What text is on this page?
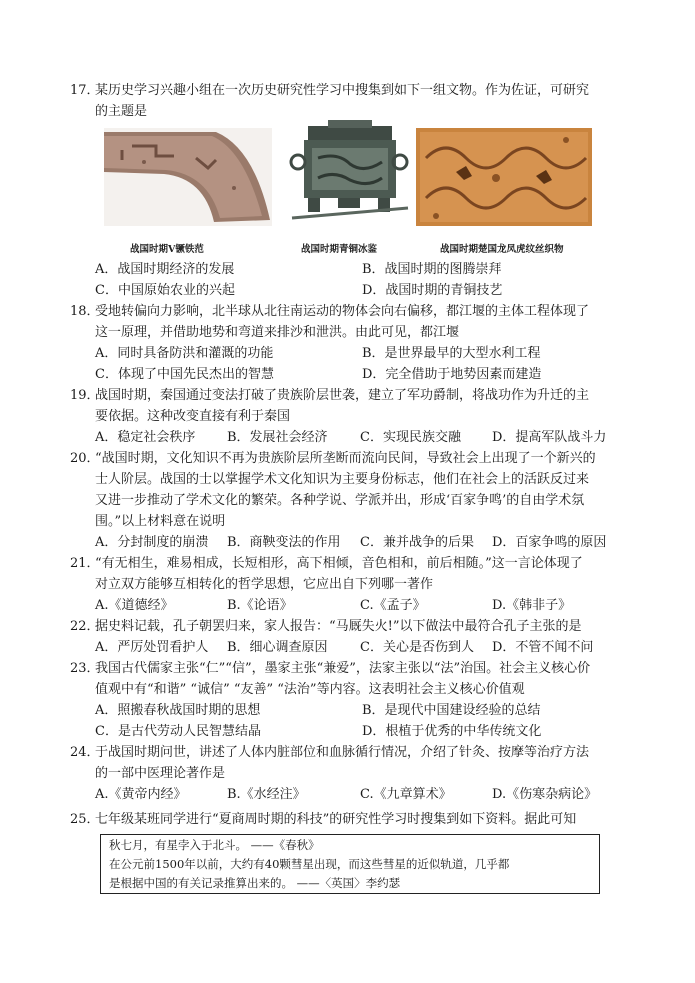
17．
某历史学习兴趣小组在一次历史研究性学习中搜集到如下一组文物。作为佐证，可研究
的主题是
战国时期V镢铁范	战国时期青铜冰鉴	战国时期楚国龙凤虎纹丝织物
A．战国时期经济的发展	B．战国时期的图腾崇拜
C．中国原始农业的兴起	D．战国时期的青铜技艺
18．
受地转偏向力影响，北半球从北往南运动的物体会向右偏移，都江堰的主体工程体现了
这一原理，并借助地势和弯道来排沙和泄洪。由此可见，都江堰
A．同时具备防洪和灌溉的功能	B．是世界最早的大型水利工程
C．体现了中国先民杰出的智慧	D．完全借助于地势因素而建造
19．
战国时期，秦国通过变法打破了贵族阶层世袭，建立了军功爵制，将战功作为升迁的主
要依据。这种改变直接有利于秦国
A．稳定社会秩序 B．发展社会经济 C．实现民族交融 D．提高军队战斗力
20．
“战国时期，文化知识不再为贵族阶层所垄断而流向民间，导致社会上出现了一个新兴的
士人阶层。战国的士以掌握学术文化知识为主要身份标志，他们在社会上的活跃反过来
又进一步推动了学术文化的繁荣。各种学说、学派并出，形成‘百家争鸣’的自由学术氛
围。”以上材料意在说明
A．分封制度的崩溃 B．商鞅变法的作用 C．兼并战争的后果 D．百家争鸣的原因
21．
“有无相生，难易相成，长短相形，高下相倾，音色相和，前后相随。”这一言论体现了
对立双方能够互相转化的哲学思想，它应出自下列哪一著作
A.《道德经》	B.《论语》	C.《孟子》	D.《韩非子》
22．
据史料记载，孔子朝罢归来，家人报告：“马厩失火!”以下做法中最符合孔子主张的是
A．严厉处罚看护人 B．细心调查原因 C．关心是否伤到人 D．不管不闻不问
23．
我国古代儒家主张“仁”“信”，墨家主张“兼爱”，法家主张以“法”治国。社会主义核心价
值观中有“和谐” “诚信” “友善” “法治”等内容。这表明社会主义核心价值观
A．照搬春秋战国时期的思想	B．是现代中国建设经验的总结
C．是古代劳动人民智慧结晶	D．根植于优秀的中华传统文化
24．
于战国时期问世，讲述了人体内脏部位和血脉循行情况，介绍了针灸、按摩等治疗方法
的一部中医理论著作是
A.《黄帝内经》	B.《水经注》	C.《九章算术》	D.《伤寒杂病论》
25．
七年级某班同学进行“夏商周时期的科技”的研究性学习时搜集到如下资料。据此可知
秋七月，有星孛入于北斗。 ——《春秋》
在公元前1500年以前，大约有40颗彗星出现，而这些彗星的近似轨道，几乎都
是根据中国的有关记录推算出来的。 ——〈英国〉李约瑟
